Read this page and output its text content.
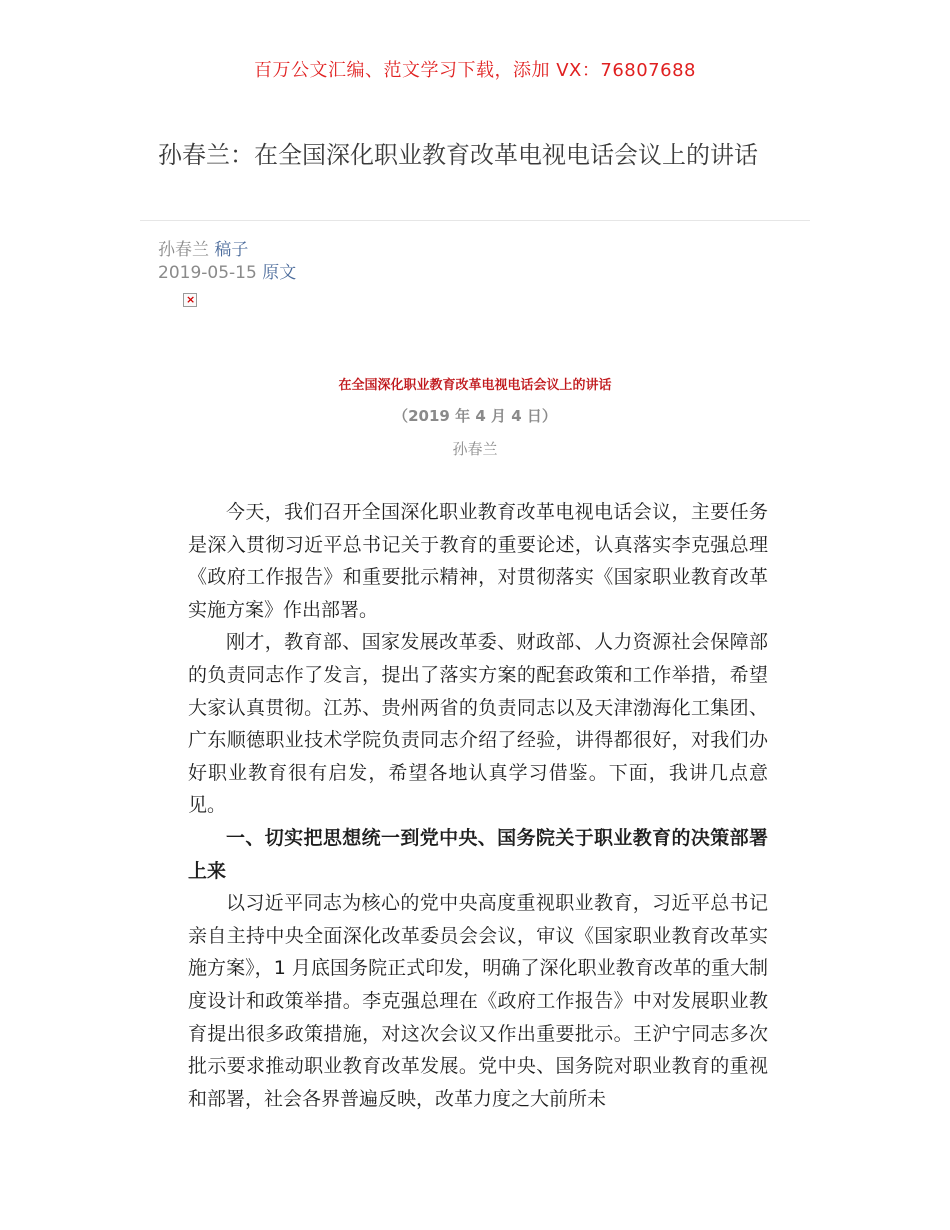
百万公文汇编、范文学习下载，添加 VX：76807688
孙春兰：在全国深化职业教育改革电视电话会议上的讲话
孙春兰 稿子
2019-05-15 原文
×
在全国深化职业教育改革电视电话会议上的讲话
（2019 年 4 月 4 日）
孙春兰

今天，我们召开全国深化职业教育改革电视电话会议，主要任务是深入贯彻习近平总书记关于教育的重要论述，认真落实李克强总理《政府工作报告》和重要批示精神，对贯彻落实《国家职业教育改革实施方案》作出部署。

刚才，教育部、国家发展改革委、财政部、人力资源社会保障部的负责同志作了发言，提出了落实方案的配套政策和工作举措，希望大家认真贯彻。江苏、贵州两省的负责同志以及天津渤海化工集团、广东顺德职业技术学院负责同志介绍了经验，讲得都很好，对我们办好职业教育很有启发，希望各地认真学习借鉴。下面，我讲几点意见。

一、切实把思想统一到党中央、国务院关于职业教育的决策部署上来

以习近平同志为核心的党中央高度重视职业教育，习近平总书记亲自主持中央全面深化改革委员会会议，审议《国家职业教育改革实施方案》，1 月底国务院正式印发，明确了深化职业教育改革的重大制度设计和政策举措。李克强总理在《政府工作报告》中对发展职业教育提出很多政策措施，对这次会议又作出重要批示。王沪宁同志多次批示要求推动职业教育改革发展。党中央、国务院对职业教育的重视和部署，社会各界普遍反映，改革力度之大前所未
